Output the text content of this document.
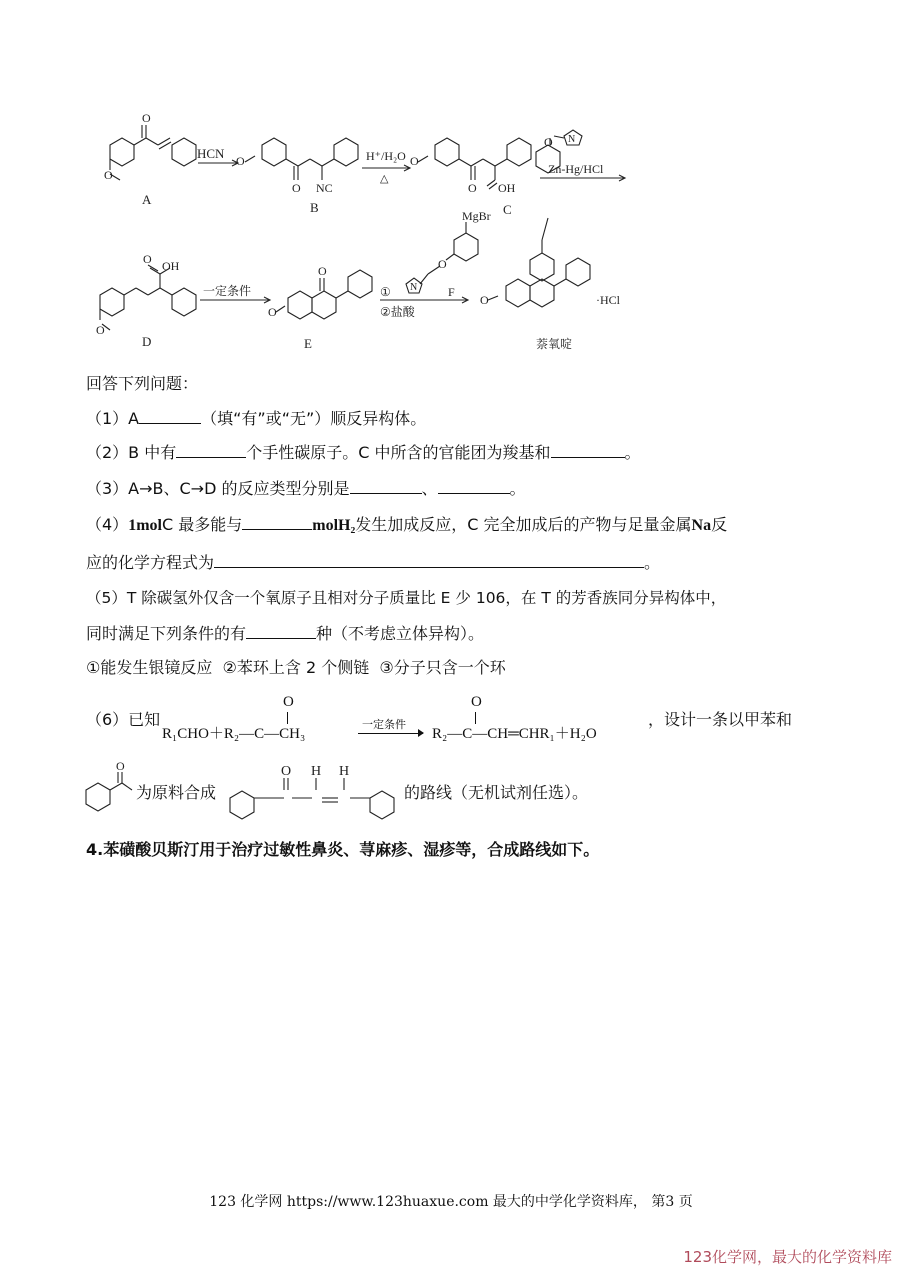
O
O
HCN O
O NC
H⁺/H₂O
△
O
O OH
Zn-Hg/HCl
OH
O
O
一定条件
O
O
MgBr
O
N
①	F
②盐酸
O N
O	·HCl
A
B	C
D	E	萘氧啶
回答下列问题：
（1）A	（填“有”或“无”）顺反异构体。
（2）B 中有	个手性碳原子。C 中所含的官能团为羧基和	。
（3）A→B、C→D 的反应类型分别是	、	。
（4）1molC 最多能与	molH₂发生加成反应，C 完全加成后的产物与足量金属Na反
应的化学方程式为	。
（5）T 除碳氢外仅含一个氧原子且相对分子质量比 E 少 106，在 T 的芳香族同分异构体中，
同时满足下列条件的有	种（不考虑立体异构）。
①能发生银镜反应 ②苯环上含 2 个侧链 ③分子只含一个环
（6）已知
R₁CHO＋R₂—C—CH₃
O
一定条件
R₂—C—CH═CHR₁＋H₂O
O
，设计一条以甲苯和
O
为原料合成
O H H
的路线（无机试剂任选）。
4.苯磺酸贝斯汀用于治疗过敏性鼻炎、荨麻疹、湿疹等，合成路线如下。
123 化学网 https://www.123huaxue.com 最大的中学化学资料库， 第3 页
123化学网，最大的化学资料库
